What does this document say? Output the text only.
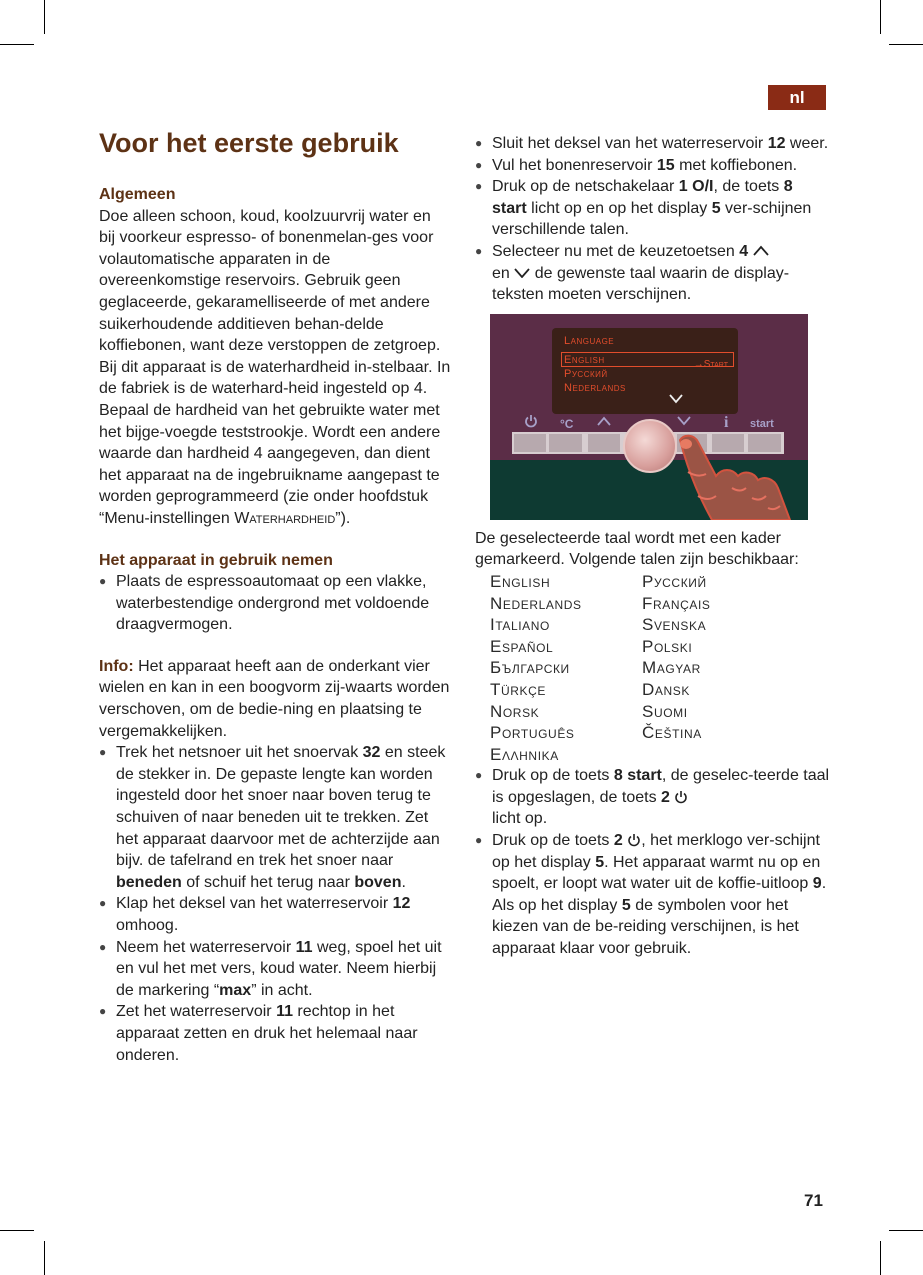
nl
Voor het eerste gebruik
Algemeen

Doe alleen schoon, koud, koolzuurvrij water en bij voorkeur espresso- of bonenmelan-ges voor volautomatische apparaten in de overeenkomstige reservoirs. Gebruik geen geglaceerde, gekaramelliseerde of met andere suikerhoudende additieven behan-delde koffiebonen, want deze verstoppen de zetgroep.

Bij dit apparaat is de waterhardheid in-stelbaar. In de fabriek is de waterhard-heid ingesteld op 4. Bepaal de hardheid van het gebruikte water met het bijge-voegde teststrookje. Wordt een andere waarde dan hardheid 4 aangegeven, dan dient het apparaat na de ingebruikname aangepast te worden geprogrammeerd (zie onder hoofdstuk “Menu-instellingen Waterhardheid”).

Het apparaat in gebruik nemen
● Plaats de espressoautomaat op een vlakke, waterbestendige ondergrond met voldoende draagvermogen.

Info: Het apparaat heeft aan de onderkant vier wielen en kan in een boogvorm zij-waarts worden verschoven, om de bedie-ning en plaatsing te vergemakkelijken.

● Trek het netsnoer uit het snoervak 32 en steek de stekker in. De gepaste lengte kan worden ingesteld door het snoer naar boven terug te schuiven of naar beneden uit te trekken. Zet het apparaat daarvoor met de achterzijde aan bijv. de tafelrand en trek het snoer naar beneden of schuif het terug naar boven.
● Klap het deksel van het waterreservoir 12 omhoog.
● Neem het waterreservoir 11 weg, spoel het uit en vul het met vers, koud water. Neem hierbij de markering “max” in acht.
● Zet het waterreservoir 11 rechtop in het apparaat zetten en druk het helemaal naar onderen.
● Sluit het deksel van het waterreservoir 12 weer.
● Vul het bonenreservoir 15 met koffiebonen.
● Druk op de netschakelaar 1 O/I, de toets 8 start licht op en op het display 5 ver-schijnen verschillende talen.
● Selecteer nu met de keuzetoetsen 4
en  de gewenste taal waarin de display-teksten moeten verschijnen.
Language
English	→Start
Русский
Nederlands
°C	i start

De geselecteerde taal wordt met een kader gemarkeerd. Volgende talen zijn beschikbaar:

English	Русский
Nederlands	Français
Italiano	Svenska
Español	Polski
Български	Magyar
Türkçe	Dansk
Norsk	Suomi
Português	Čeština
Ελληνικα
● Druk op de toets 8 start, de geselec-teerde taal is opgeslagen, de toets 2
licht op.
● Druk op de toets 2 , het merklogo ver-schijnt op het display 5. Het apparaat warmt nu op en spoelt, er loopt wat water uit de koffie-uitloop 9. Als op het display 5 de symbolen voor het kiezen van de be-reiding verschijnen, is het apparaat klaar voor gebruik.
71
